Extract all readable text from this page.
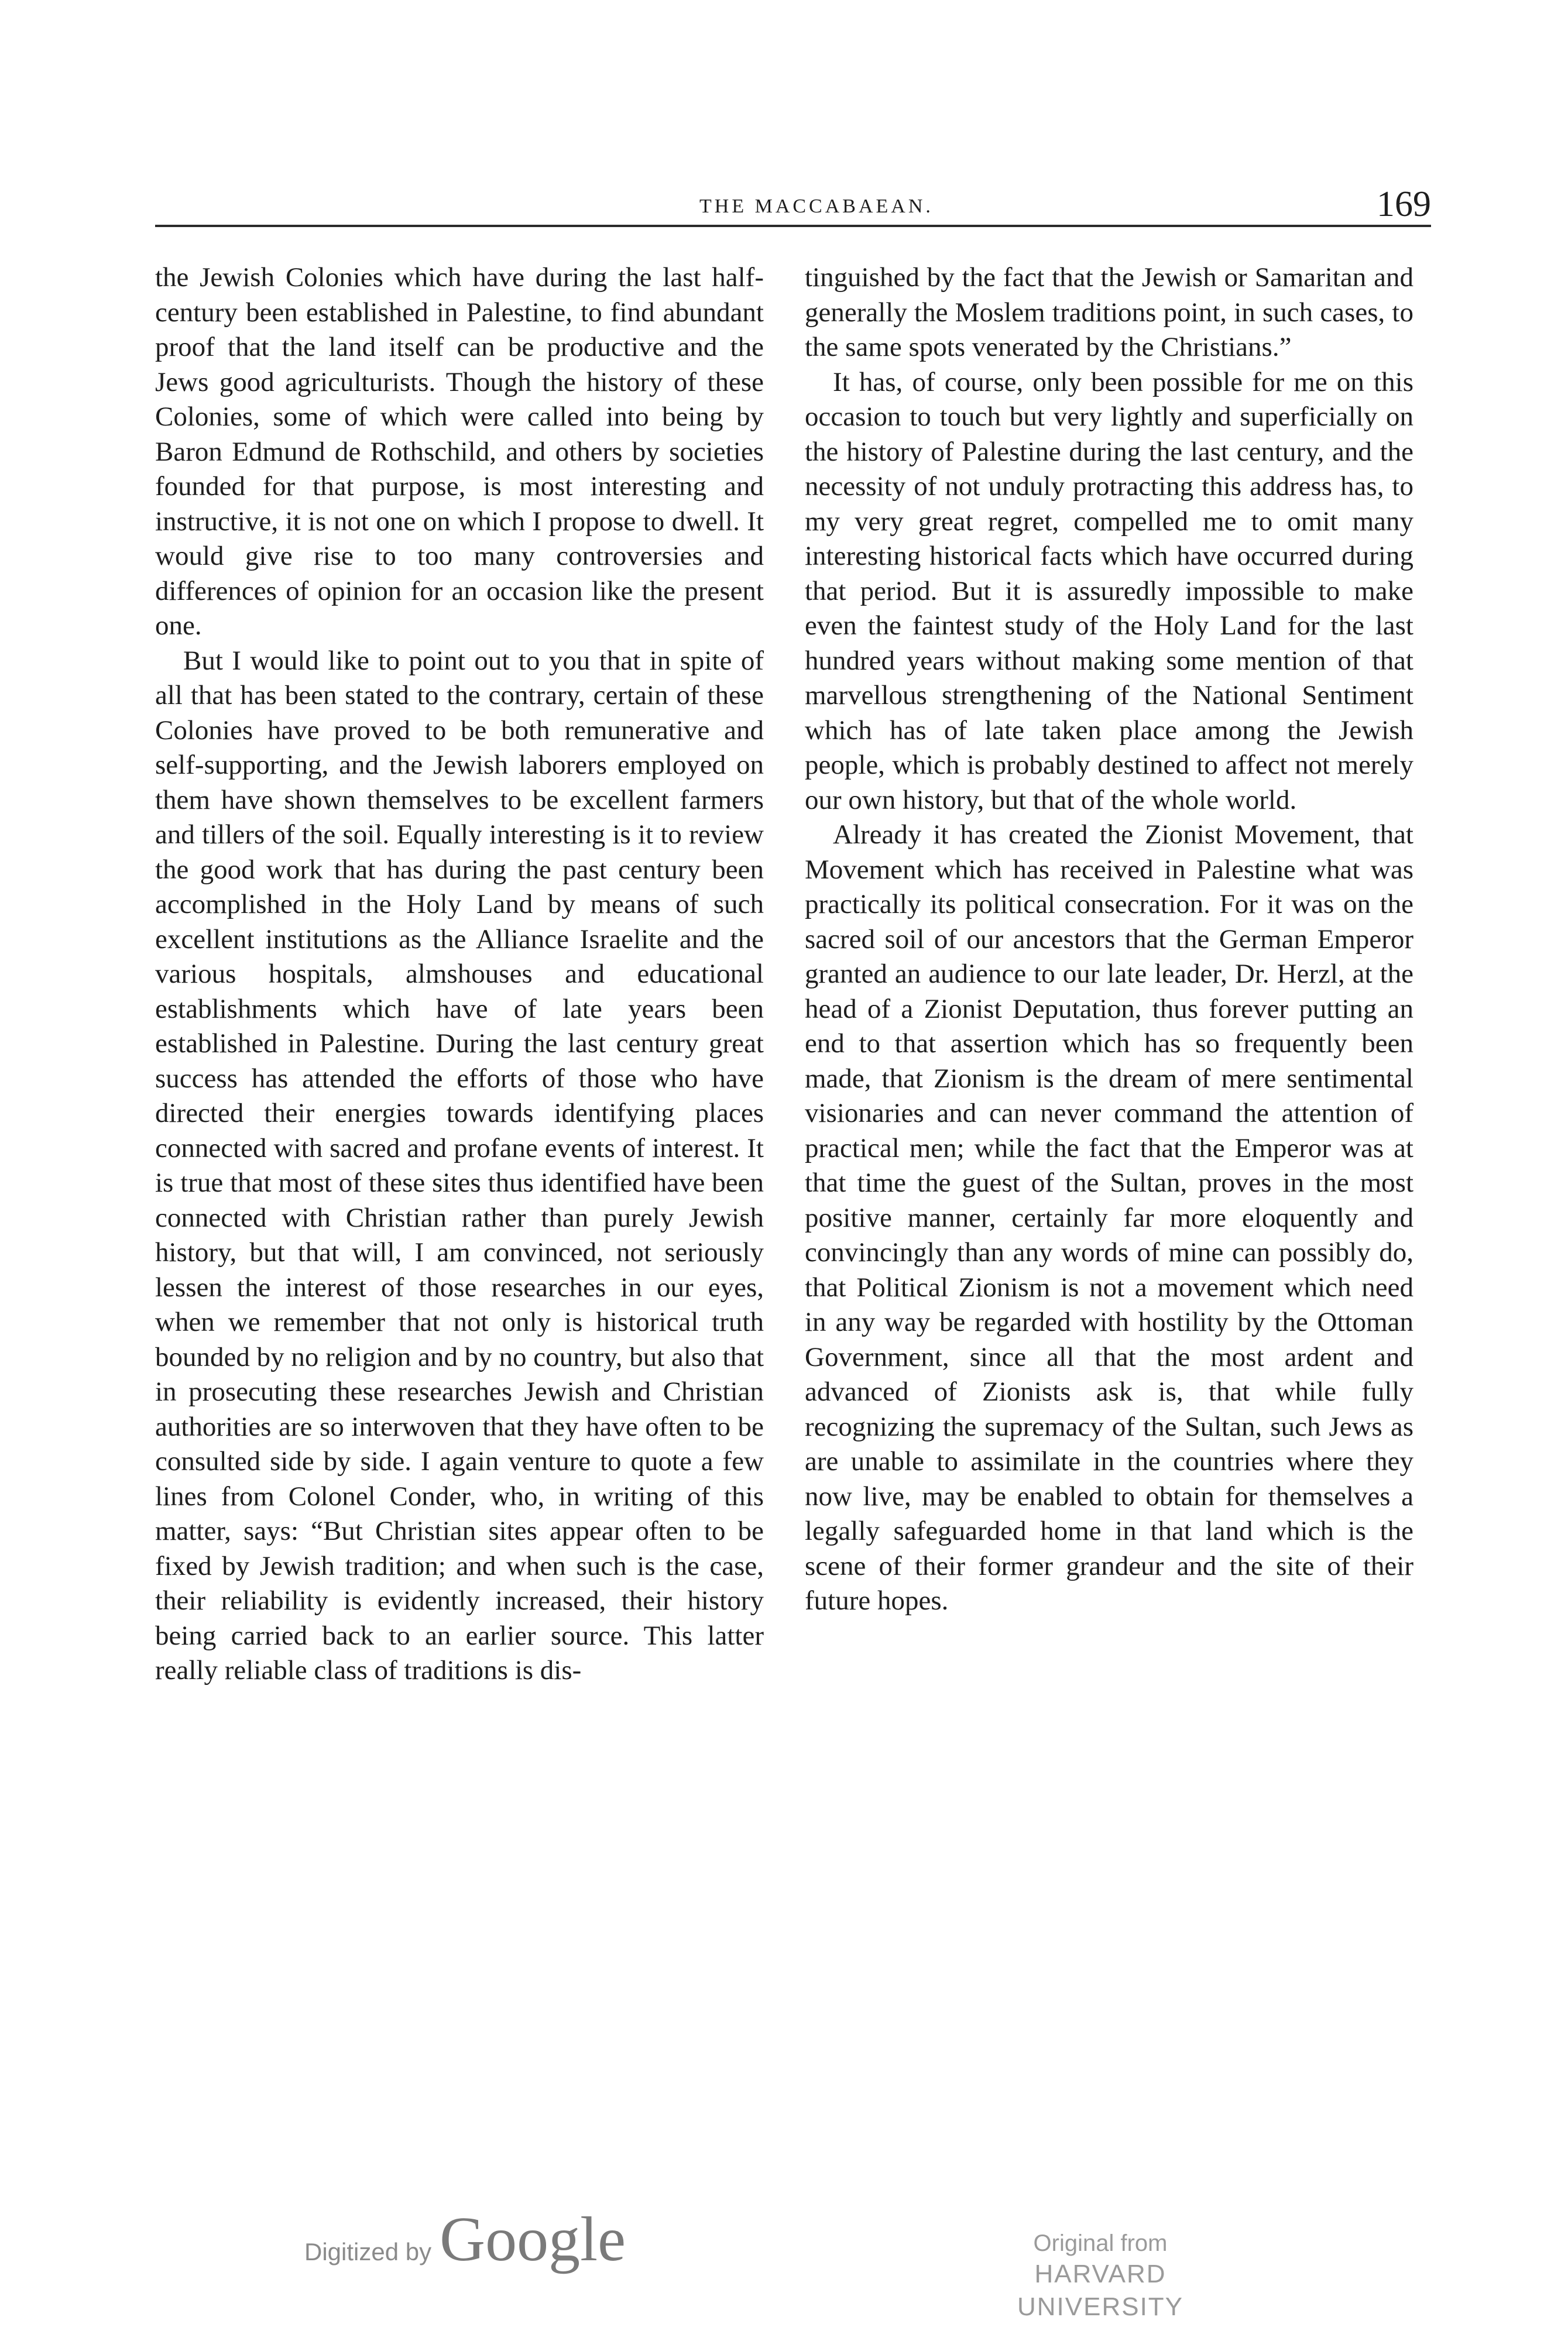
THE MACCABAEAN.	169

the Jewish Colonies which have during the last half-century been established in Palestine, to find abundant proof that the land itself can be productive and the Jews good agriculturists. Though the history of these Colonies, some of which were called into being by Baron Edmund de Rothschild, and others by societies founded for that purpose, is most interesting and instructive, it is not one on which I propose to dwell. It would give rise to too many controversies and differences of opinion for an occasion like the present one.

But I would like to point out to you that in spite of all that has been stated to the contrary, certain of these Colonies have proved to be both remunerative and self-supporting, and the Jewish laborers employed on them have shown themselves to be excellent farmers and tillers of the soil. Equally interesting is it to review the good work that has during the past century been accomplished in the Holy Land by means of such excellent institutions as the Alliance Israelite and the various hospitals, almshouses and educational establishments which have of late years been established in Palestine. During the last century great success has attended the efforts of those who have directed their energies towards identifying places connected with sacred and profane events of interest. It is true that most of these sites thus identified have been connected with Christian rather than purely Jewish history, but that will, I am convinced, not seriously lessen the interest of those researches in our eyes, when we remember that not only is historical truth bounded by no religion and by no country, but also that in prosecuting these researches Jewish and Christian authorities are so interwoven that they have often to be consulted side by side. I again venture to quote a few lines from Colonel Conder, who, in writing of this matter, says: “But Christian sites appear often to be fixed by Jewish tradition; and when such is the case, their reliability is evidently increased, their history being carried back to an earlier source. This latter really reliable class of traditions is dis-

tinguished by the fact that the Jewish or Samaritan and generally the Moslem traditions point, in such cases, to the same spots venerated by the Christians.”

It has, of course, only been possible for me on this occasion to touch but very lightly and superficially on the history of Palestine during the last century, and the necessity of not unduly protracting this address has, to my very great regret, compelled me to omit many interesting historical facts which have occurred during that period. But it is assuredly impossible to make even the faintest study of the Holy Land for the last hundred years without making some mention of that marvellous strengthening of the National Sentiment which has of late taken place among the Jewish people, which is probably destined to affect not merely our own history, but that of the whole world.

Already it has created the Zionist Movement, that Movement which has received in Palestine what was practically its political consecration. For it was on the sacred soil of our ancestors that the German Emperor granted an audience to our late leader, Dr. Herzl, at the head of a Zionist Deputation, thus forever putting an end to that assertion which has so frequently been made, that Zionism is the dream of mere sentimental visionaries and can never command the attention of practical men; while the fact that the Emperor was at that time the guest of the Sultan, proves in the most positive manner, certainly far more eloquently and convincingly than any words of mine can possibly do, that Political Zionism is not a movement which need in any way be regarded with hostility by the Ottoman Government, since all that the most ardent and advanced of Zionists ask is, that while fully recognizing the supremacy of the Sultan, such Jews as are unable to assimilate in the countries where they now live, may be enabled to obtain for themselves a legally safeguarded home in that land which is the scene of their former grandeur and the site of their future hopes.

Digitized by Google	Original from
HARVARD UNIVERSITY
